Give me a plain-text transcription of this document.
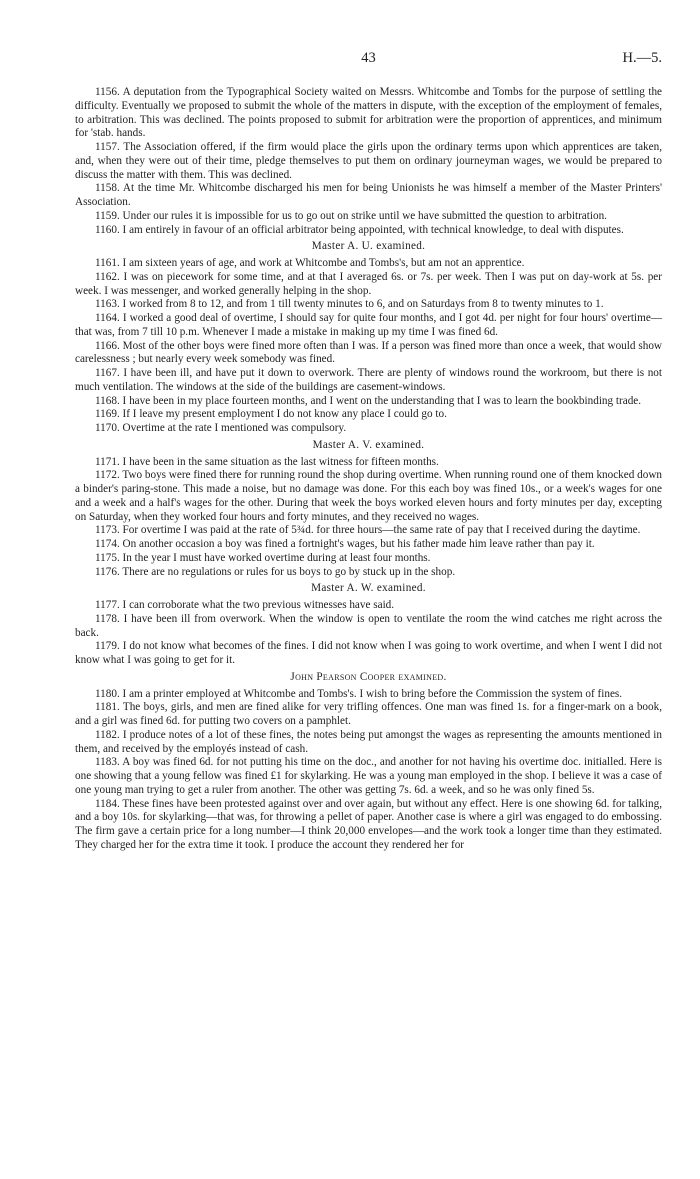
43	H.—5.

1156. A deputation from the Typographical Society waited on Messrs. Whitcombe and Tombs for the purpose of settling the difficulty. Eventually we proposed to submit the whole of the matters in dispute, with the exception of the employment of females, to arbitration. This was declined. The points proposed to submit for arbitration were the proportion of apprentices, and minimum for 'stab. hands.

1157. The Association offered, if the firm would place the girls upon the ordinary terms upon which apprentices are taken, and, when they were out of their time, pledge themselves to put them on ordinary journeyman wages, we would be prepared to discuss the matter with them. This was declined.

1158. At the time Mr. Whitcombe discharged his men for being Unionists he was himself a member of the Master Printers' Association.

1159. Under our rules it is impossible for us to go out on strike until we have submitted the question to arbitration.

1160. I am entirely in favour of an official arbitrator being appointed, with technical knowledge, to deal with disputes.

Master A. U. examined.

1161. I am sixteen years of age, and work at Whitcombe and Tombs's, but am not an apprentice.

1162. I was on piecework for some time, and at that I averaged 6s. or 7s. per week. Then I was put on day-work at 5s. per week. I was messenger, and worked generally helping in the shop.

1163. I worked from 8 to 12, and from 1 till twenty minutes to 6, and on Saturdays from 8 to twenty minutes to 1.

1164. I worked a good deal of overtime, I should say for quite four months, and I got 4d. per night for four hours' overtime—that was, from 7 till 10 p.m. Whenever I made a mistake in making up my time I was fined 6d.

1166. Most of the other boys were fined more often than I was. If a person was fined more than once a week, that would show carelessness ; but nearly every week somebody was fined.

1167. I have been ill, and have put it down to overwork. There are plenty of windows round the workroom, but there is not much ventilation. The windows at the side of the buildings are casement-windows.

1168. I have been in my place fourteen months, and I went on the understanding that I was to learn the bookbinding trade.

1169. If I leave my present employment I do not know any place I could go to.

1170. Overtime at the rate I mentioned was compulsory.

Master A. V. examined.

1171. I have been in the same situation as the last witness for fifteen months.

1172. Two boys were fined there for running round the shop during overtime. When running round one of them knocked down a binder's paring-stone. This made a noise, but no damage was done. For this each boy was fined 10s., or a week's wages for one and a week and a half's wages for the other. During that week the boys worked eleven hours and forty minutes per day, excepting on Saturday, when they worked four hours and forty minutes, and they received no wages.

1173. For overtime I was paid at the rate of 5¾d. for three hours—the same rate of pay that I received during the daytime.

1174. On another occasion a boy was fined a fortnight's wages, but his father made him leave rather than pay it.

1175. In the year I must have worked overtime during at least four months.

1176. There are no regulations or rules for us boys to go by stuck up in the shop.

Master A. W. examined.

1177. I can corroborate what the two previous witnesses have said.

1178. I have been ill from overwork. When the window is open to ventilate the room the wind catches me right across the back.

1179. I do not know what becomes of the fines. I did not know when I was going to work overtime, and when I went I did not know what I was going to get for it.

John Pearson Cooper examined.

1180. I am a printer employed at Whitcombe and Tombs's. I wish to bring before the Commission the system of fines.

1181. The boys, girls, and men are fined alike for very trifling offences. One man was fined 1s. for a finger-mark on a book, and a girl was fined 6d. for putting two covers on a pamphlet.

1182. I produce notes of a lot of these fines, the notes being put amongst the wages as representing the amounts mentioned in them, and received by the employés instead of cash.

1183. A boy was fined 6d. for not putting his time on the doc., and another for not having his overtime doc. initialled. Here is one showing that a young fellow was fined £1 for skylarking. He was a young man employed in the shop. I believe it was a case of one young man trying to get a ruler from another. The other was getting 7s. 6d. a week, and so he was only fined 5s.

1184. These fines have been protested against over and over again, but without any effect. Here is one showing 6d. for talking, and a boy 10s. for skylarking—that was, for throwing a pellet of paper. Another case is where a girl was engaged to do embossing. The firm gave a certain price for a long number—I think 20,000 envelopes—and the work took a longer time than they estimated. They charged her for the extra time it took. I produce the account they rendered her for
